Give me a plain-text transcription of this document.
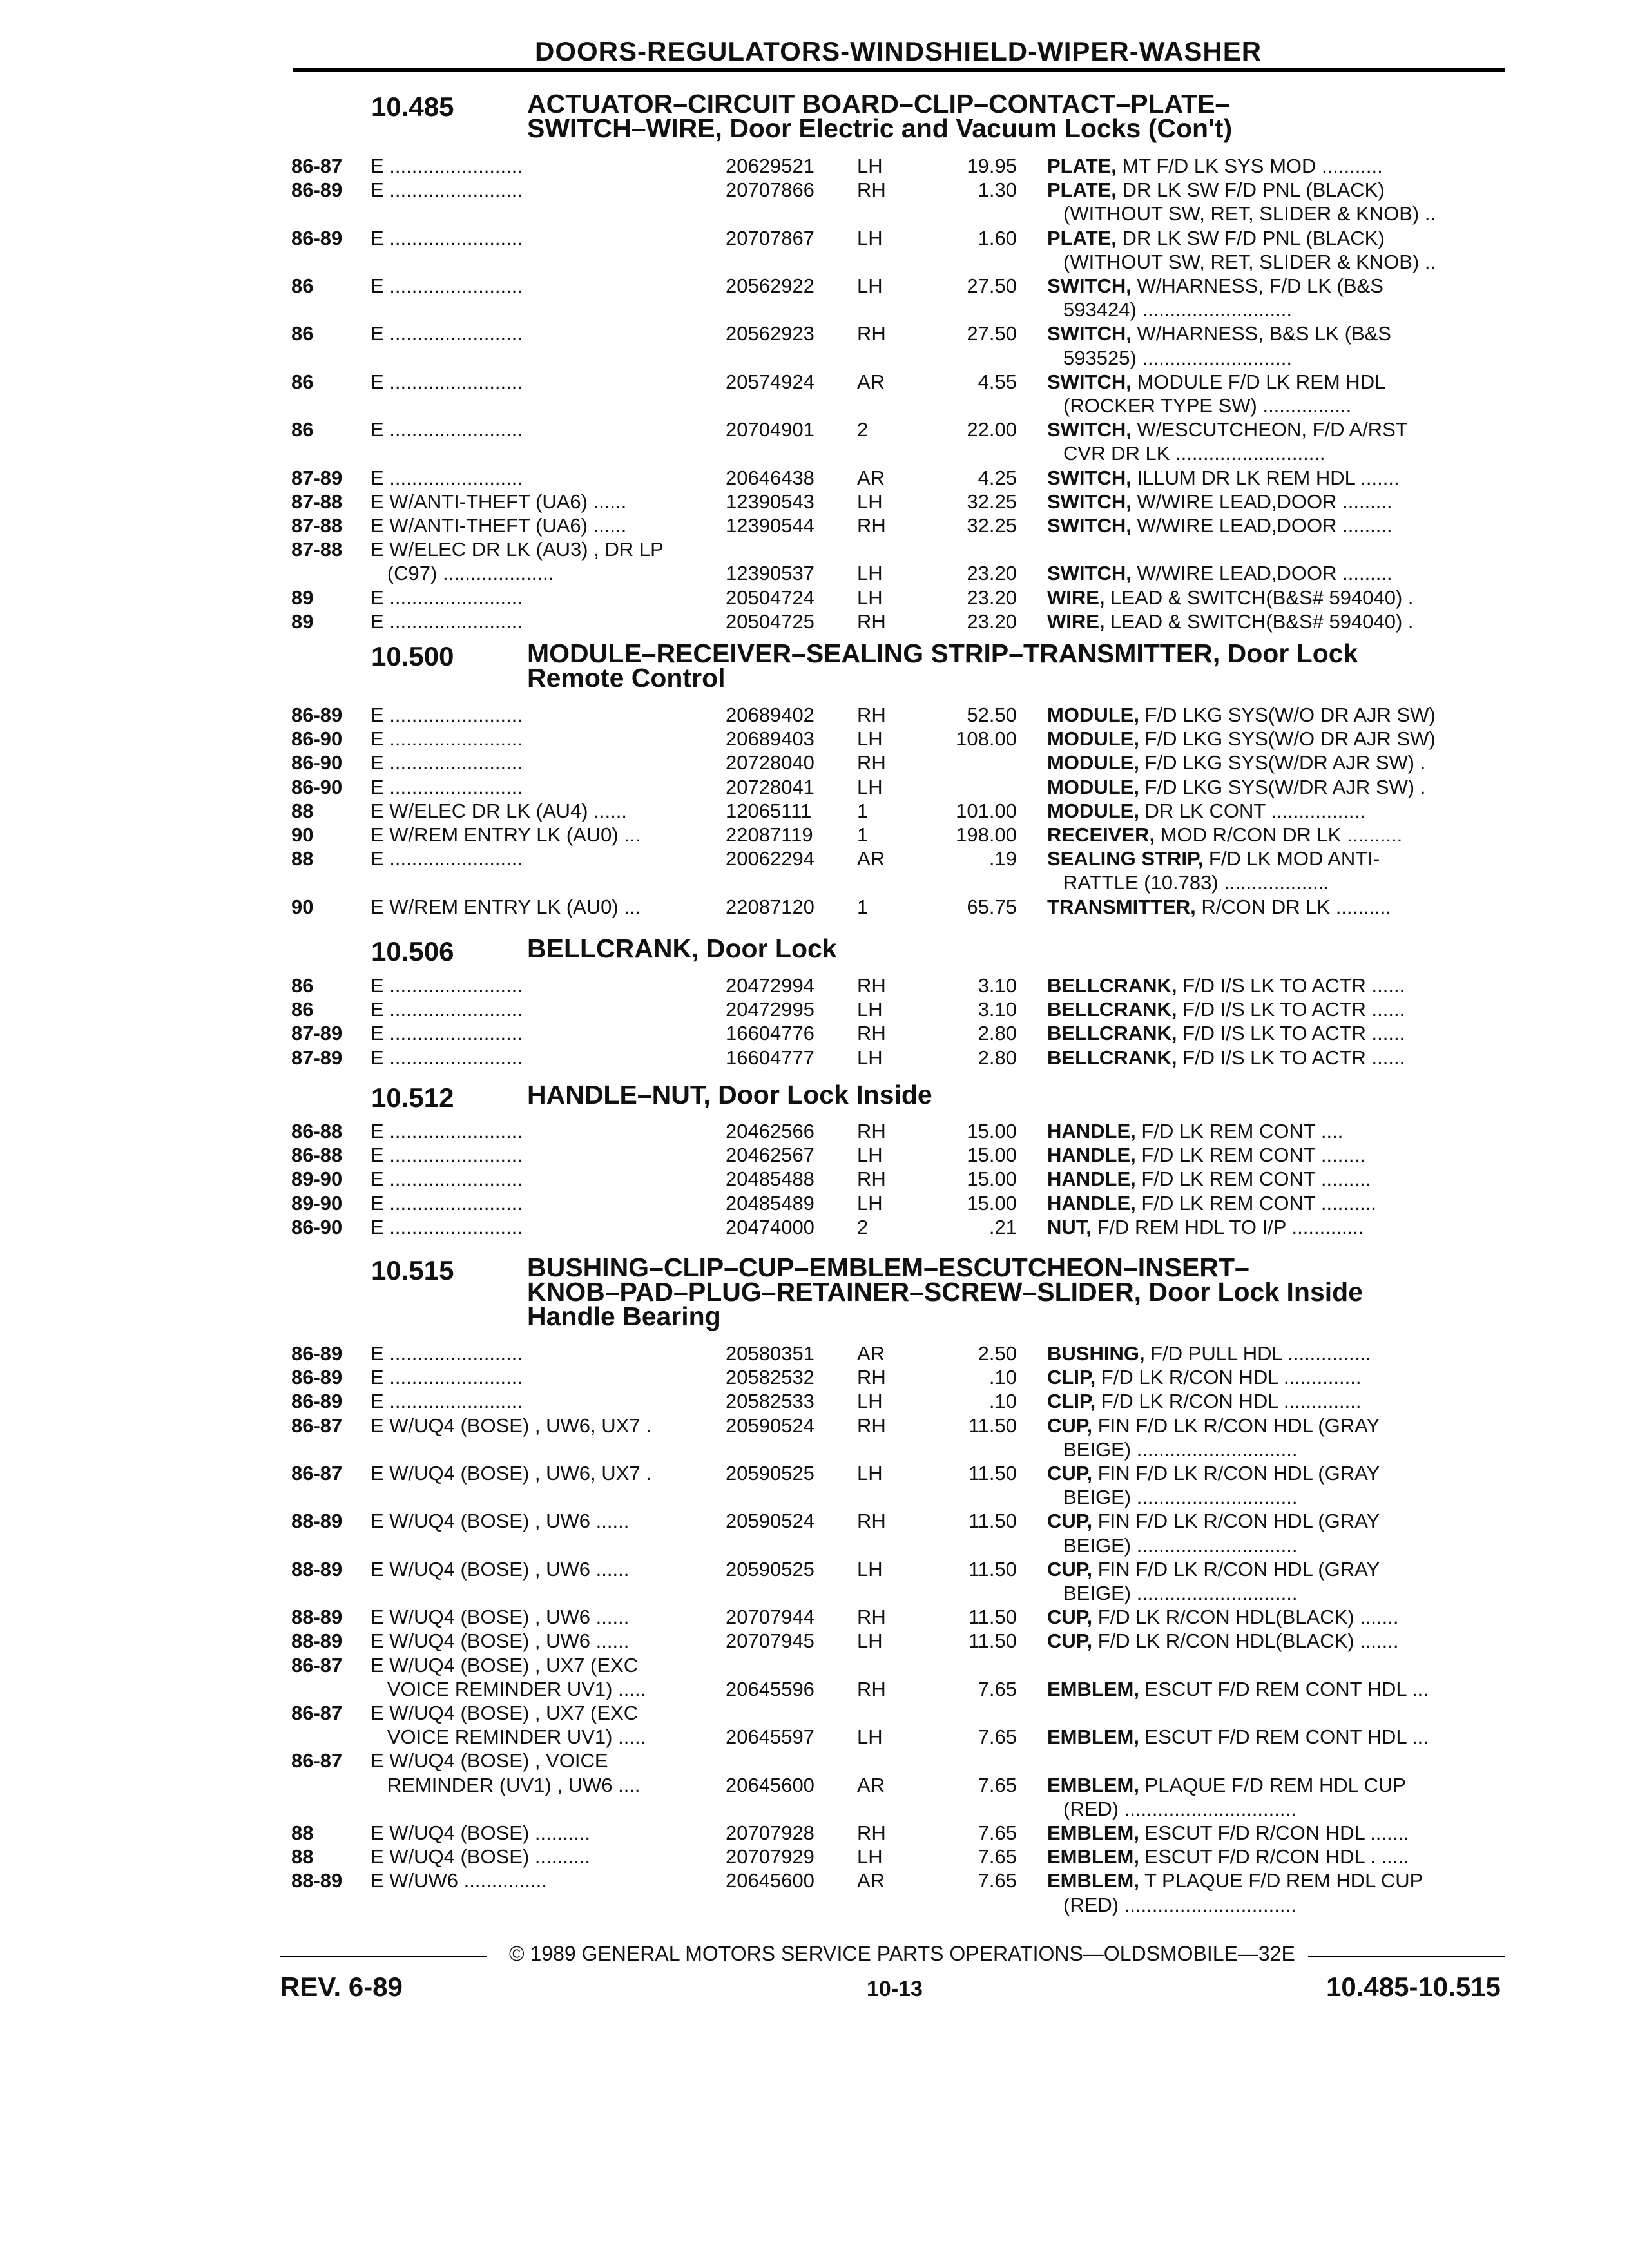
DOORS-REGULATORS-WINDSHIELD-WIPER-WASHER
10.485	ACTUATOR–CIRCUIT BOARD–CLIP–CONTACT–PLATE–
SWITCH–WIRE, Door Electric and Vacuum Locks (Con't)
86-87 E ........................	20629521 LH	19.95 PLATE, MT F/D LK SYS MOD ...........
86-89 E ........................	20707866 RH	1.30 PLATE, DR LK SW F/D PNL (BLACK)
(WITHOUT SW, RET, SLIDER & KNOB) ..
86-89 E ........................	20707867 LH	1.60 PLATE, DR LK SW F/D PNL (BLACK)
(WITHOUT SW, RET, SLIDER & KNOB) ..
86	E ........................	20562922 LH	27.50 SWITCH, W/HARNESS, F/D LK (B&S
593424) ...........................
86	E ........................	20562923 RH	27.50 SWITCH, W/HARNESS, B&S LK (B&S
593525) ...........................
86	E ........................	20574924 AR	4.55 SWITCH, MODULE F/D LK REM HDL
(ROCKER TYPE SW) ................
86	E ........................	20704901 2	22.00 SWITCH, W/ESCUTCHEON, F/D A/RST
CVR DR LK ...........................
87-89 E ........................	20646438 AR	4.25 SWITCH, ILLUM DR LK REM HDL .......
87-88 E W/ANTI-THEFT (UA6) ......	12390543 LH	32.25 SWITCH, W/WIRE LEAD,DOOR .........
87-88 E W/ANTI-THEFT (UA6) ......	12390544 RH	32.25 SWITCH, W/WIRE LEAD,DOOR .........
87-88 E W/ELEC DR LK (AU3) , DR LP
(C97) ....................	12390537 LH	23.20 SWITCH, W/WIRE LEAD,DOOR .........
89	E ........................	20504724 LH	23.20 WIRE, LEAD & SWITCH(B&S# 594040) .
89	E ........................	20504725 RH	23.20 WIRE, LEAD & SWITCH(B&S# 594040) .
10.500	MODULE–RECEIVER–SEALING STRIP–TRANSMITTER, Door Lock
Remote Control
86-89 E ........................	20689402 RH	52.50 MODULE, F/D LKG SYS(W/O DR AJR SW)
86-90 E ........................	20689403 LH	108.00 MODULE, F/D LKG SYS(W/O DR AJR SW)
86-90 E ........................	20728040 RH	MODULE, F/D LKG SYS(W/DR AJR SW) .
86-90 E ........................	20728041 LH	MODULE, F/D LKG SYS(W/DR AJR SW) .
88	E W/ELEC DR LK (AU4) ......	12065111 1	101.00 MODULE, DR LK CONT .................
90	E W/REM ENTRY LK (AU0) ...	22087119 1	198.00 RECEIVER, MOD R/CON DR LK ..........
88	E ........................	20062294 AR	.19 SEALING STRIP, F/D LK MOD ANTI-
RATTLE (10.783) ...................
90	E W/REM ENTRY LK (AU0) ...	22087120 1	65.75 TRANSMITTER, R/CON DR LK ..........
10.506	BELLCRANK, Door Lock
86	E ........................	20472994 RH	3.10 BELLCRANK, F/D I/S LK TO ACTR ......
86	E ........................	20472995 LH	3.10 BELLCRANK, F/D I/S LK TO ACTR ......
87-89 E ........................	16604776 RH	2.80 BELLCRANK, F/D I/S LK TO ACTR ......
87-89 E ........................	16604777 LH	2.80 BELLCRANK, F/D I/S LK TO ACTR ......
10.512	HANDLE–NUT, Door Lock Inside
86-88 E ........................	20462566 RH	15.00 HANDLE, F/D LK REM CONT ....
86-88 E ........................	20462567 LH	15.00 HANDLE, F/D LK REM CONT ........
89-90 E ........................	20485488 RH	15.00 HANDLE, F/D LK REM CONT .........
89-90 E ........................	20485489 LH	15.00 HANDLE, F/D LK REM CONT ..........
86-90 E ........................	20474000 2	.21 NUT, F/D REM HDL TO I/P .............
10.515	BUSHING–CLIP–CUP–EMBLEM–ESCUTCHEON–INSERT–
KNOB–PAD–PLUG–RETAINER–SCREW–SLIDER, Door Lock Inside
Handle Bearing
86-89 E ........................	20580351 AR	2.50 BUSHING, F/D PULL HDL ...............
86-89 E ........................	20582532 RH	.10 CLIP, F/D LK R/CON HDL ..............
86-89 E ........................	20582533 LH	.10 CLIP, F/D LK R/CON HDL ..............
86-87 E W/UQ4 (BOSE) , UW6, UX7 .	20590524 RH	11.50 CUP, FIN F/D LK R/CON HDL (GRAY
BEIGE) .............................
86-87 E W/UQ4 (BOSE) , UW6, UX7 .	20590525 LH	11.50 CUP, FIN F/D LK R/CON HDL (GRAY
BEIGE) .............................
88-89 E W/UQ4 (BOSE) , UW6 ......	20590524 RH	11.50 CUP, FIN F/D LK R/CON HDL (GRAY
BEIGE) .............................
88-89 E W/UQ4 (BOSE) , UW6 ......	20590525 LH	11.50 CUP, FIN F/D LK R/CON HDL (GRAY
BEIGE) .............................
88-89 E W/UQ4 (BOSE) , UW6 ......	20707944 RH	11.50 CUP, F/D LK R/CON HDL(BLACK) .......
88-89 E W/UQ4 (BOSE) , UW6 ......	20707945 LH	11.50 CUP, F/D LK R/CON HDL(BLACK) .......
86-87 E W/UQ4 (BOSE) , UX7 (EXC
VOICE REMINDER UV1) .....	20645596 RH	7.65 EMBLEM, ESCUT F/D REM CONT HDL ...
86-87 E W/UQ4 (BOSE) , UX7 (EXC
VOICE REMINDER UV1) .....	20645597 LH	7.65 EMBLEM, ESCUT F/D REM CONT HDL ...
86-87 E W/UQ4 (BOSE) , VOICE
REMINDER (UV1) , UW6 ....	20645600 AR	7.65 EMBLEM, PLAQUE F/D REM HDL CUP
(RED) ...............................
88	E W/UQ4 (BOSE) ..........	20707928 RH	7.65 EMBLEM, ESCUT F/D R/CON HDL .......
88	E W/UQ4 (BOSE) ..........	20707929 LH	7.65 EMBLEM, ESCUT F/D R/CON HDL . .....
88-89 E W/UW6 ...............	20645600 AR	7.65 EMBLEM, T PLAQUE F/D REM HDL CUP
(RED) ...............................
© 1989 GENERAL MOTORS SERVICE PARTS OPERATIONS—OLDSMOBILE—32E
REV. 6-89	10-13	10.485-10.515
